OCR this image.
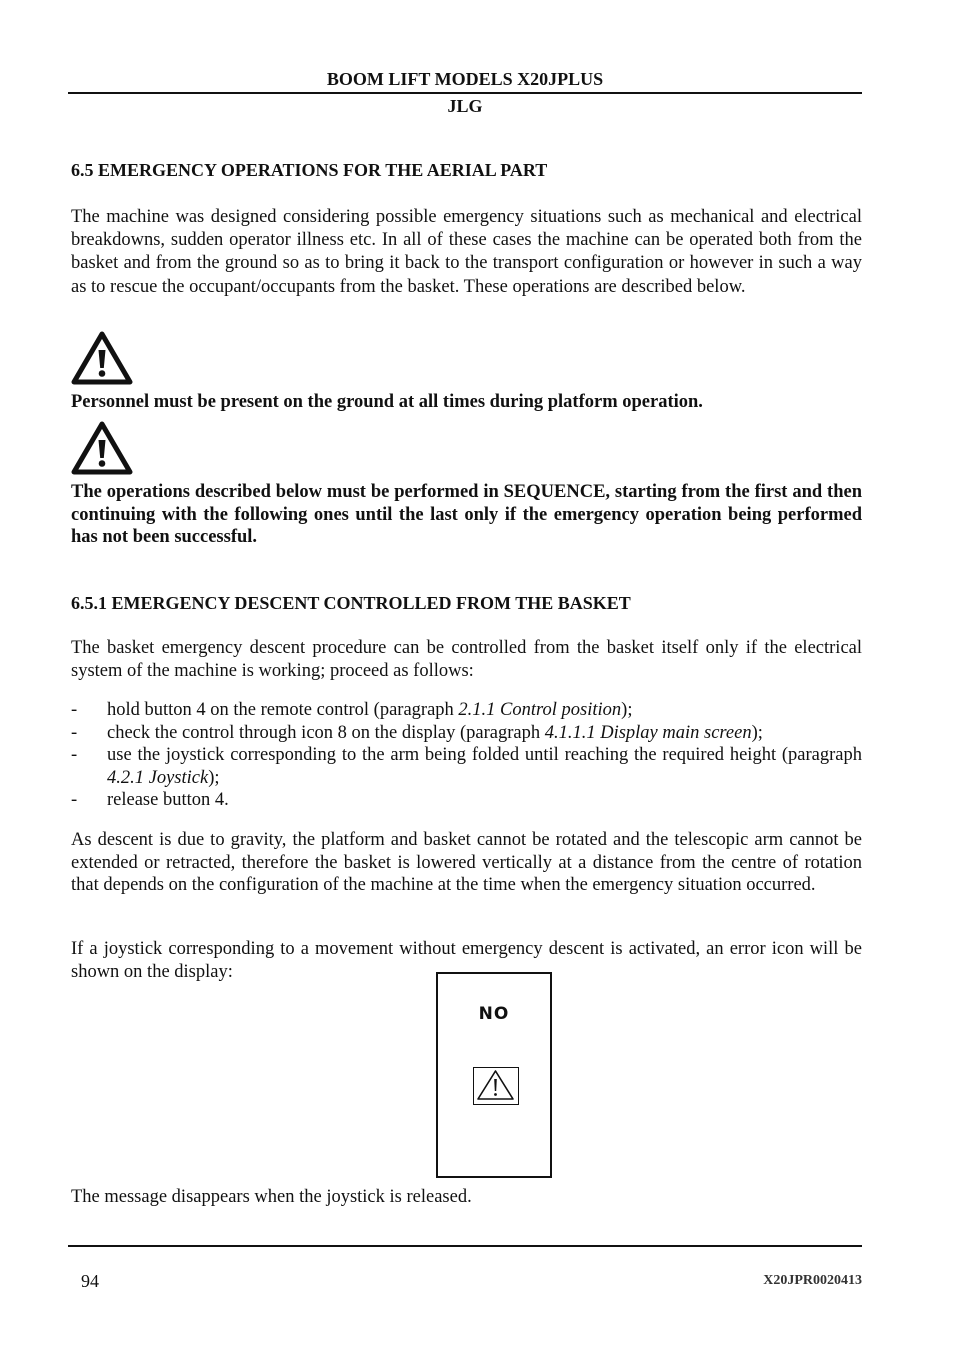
BOOM LIFT MODELS X20JPLUS
JLG
6.5 EMERGENCY OPERATIONS FOR THE AERIAL PART
The machine was designed considering possible emergency situations such as mechanical and electrical breakdowns, sudden operator illness etc. In all of these cases the machine can be operated both from the basket and from the ground so as to bring it back to the transport configuration or however in such a way as to rescue the occupant/occupants from the basket. These operations are described below.
Personnel must be present on the ground at all times during platform operation.
The operations described below must be performed in SEQUENCE, starting from the first and then continuing with the following ones until the last only if the emergency operation being performed has not been successful.
6.5.1 EMERGENCY DESCENT CONTROLLED FROM THE BASKET
The basket emergency descent procedure can be controlled from the basket itself only if the electrical system of the machine is working; proceed as follows:
- hold button 4 on the remote control (paragraph 2.1.1 Control position);
- check the control through icon 8 on the display (paragraph 4.1.1.1 Display main screen);
- use the joystick corresponding to the arm being folded until reaching the required height (paragraph 4.2.1 Joystick);
- release button 4.
As descent is due to gravity, the platform and basket cannot be rotated and the telescopic arm cannot be extended or retracted, therefore the basket is lowered vertically at a distance from the centre of rotation that depends on the configuration of the machine at the time when the emergency situation occurred.
If a joystick corresponding to a movement without emergency descent is activated, an error icon will be shown on the display:
NO
The message disappears when the joystick is released.
94	X20JPR0020413
